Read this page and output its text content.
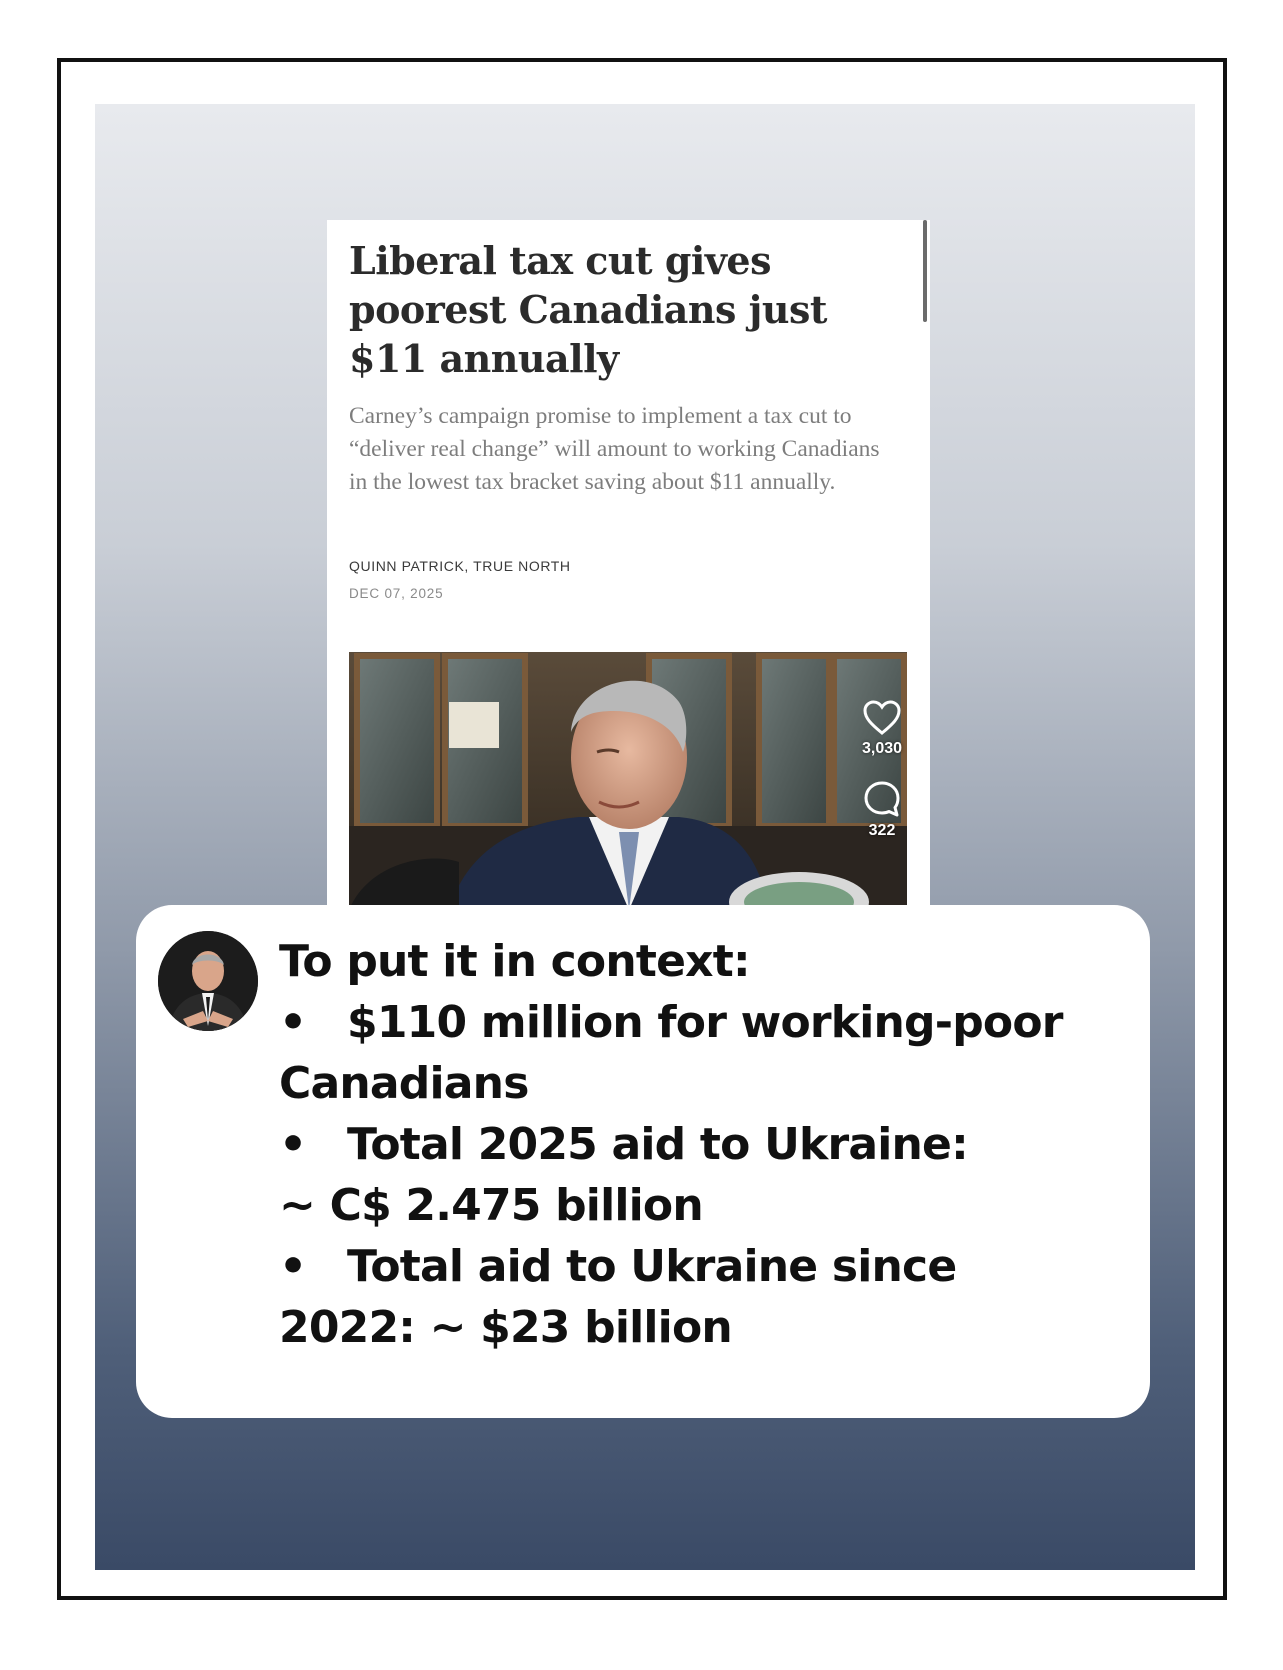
Liberal tax cut gives poorest Canadians just $11 annually

Carney’s campaign promise to implement a tax cut to “deliver real change” will amount to working Canadians in the lowest tax bracket saving about $11 annually.

QUINN PATRICK, TRUE NORTH
DEC 07, 2025
3,030
322
To put it in context:
• $110 million for working-poor
Canadians
• Total 2025 aid to Ukraine:
~ C$ 2.475 billion
• Total aid to Ukraine since
2022: ~ $23 billion
